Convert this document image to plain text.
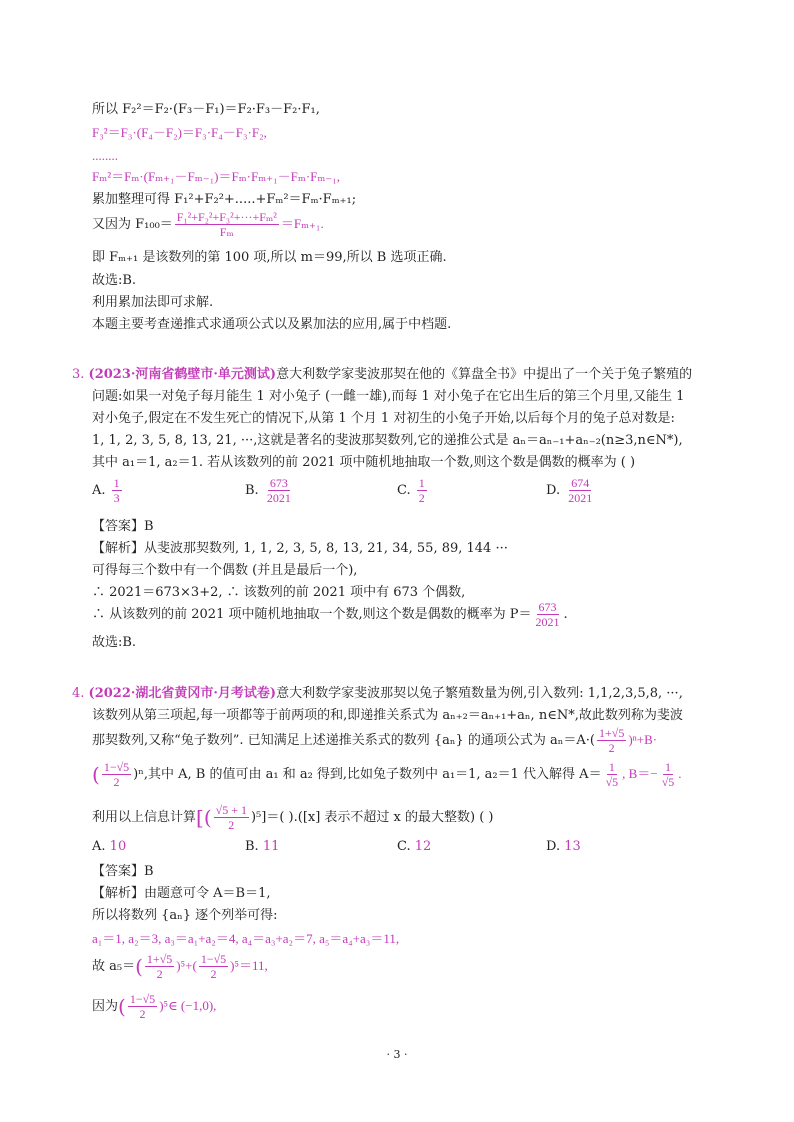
所以 F₂²＝F₂·(F₃－F₁)＝F₂·F₃－F₂·F₁,
F₃²＝F₃·(F₄－F₂)＝F₃·F₄－F₃·F₂,
........
Fₘ²＝Fₘ·(Fₘ₊₁－Fₘ₋₁)＝Fₘ·Fₘ₊₁－Fₘ·Fₘ₋₁,
累加整理可得 F₁²+F₂²+.....+Fₘ²＝Fₘ·Fₘ₊₁;
又因为 $F_{100}= \frac{\text{F₁²+F₂²+F₃²+···+Fₘ²}}{\text{Fₘ}} =F_{m+1}$.
即 Fₘ₊₁ 是该数列的第 100 项,所以 m＝99,所以 B 选项正确.
故选:B.
利用累加法即可求解.
本题主要考查递推式求通项公式以及累加法的应用,属于中档题.
3. (2023·河南省鹤壁市·单元测试)意大利数学家斐波那契在他的《算盘全书》中提出了一个关于兔子繁殖的
问题:如果一对兔子每月能生 1 对小兔子 (一雌一雄),而每 1 对小兔子在它出生后的第三个月里,又能生 1
对小兔子,假定在不发生死亡的情况下,从第 1 个月 1 对初生的小兔子开始,以后每个月的兔子总对数是:
1, 1, 2, 3, 5, 8, 13, 21, ···,这就是著名的斐波那契数列,它的递推公式是 aₙ＝aₙ₋₁+aₙ₋₂(n≥3,n∈N*),
其中 a₁＝1, a₂＝1. 若从该数列的前 2021 项中随机地抽取一个数,则这个数是偶数的概率为 ( )
A. $\frac{1}{3}$	B. $\frac{673}{2021}$	C. $\frac{1}{2}$	D. $\frac{674}{2021}$
【答案】B
【解析】从斐波那契数列, 1, 1, 2, 3, 5, 8, 13, 21, 34, 55, 89, 144 ···
可得每三个数中有一个偶数 (并且是最后一个),
∴ 2021＝673×3+2, ∴ 该数列的前 2021 项中有 673 个偶数,
∴ 从该数列的前 2021 项中随机地抽取一个数,则这个数是偶数的概率为 $P= \frac{673}{2021}$ .
故选:B.
4. (2022·湖北省黄冈市·月考试卷)意大利数学家斐波那契以兔子繁殖数量为例,引入数列: 1,1,2,3,5,8, ···,
该数列从第三项起,每一项都等于前两项的和,即递推关系式为 aₙ₊₂＝aₙ₊₁+aₙ, n∈N*,故此数列称为斐波
那契数列,又称“兔子数列”. 已知满足上述递推关系式的数列 {aₙ} 的通项公式为 $a_n=A\cdot( \frac{1+√5}{2} )^n+B\cdot$
( $\frac{1-√5}{2} )^n$,其中 A, B 的值可由 a₁ 和 a₂ 得到,比如兔子数列中 a₁＝1, a₂＝1 代入解得 $A= \frac{1}{√5}$ , $B=- \frac{1}{√5}$ .
利用以上信息计算[( $\frac{√5 + 1}{2} )^5]=$( ).([x] 表示不超过 x 的最大整数) ( )
A. 10	B. 11	C. 12	D. 13
【答案】B
【解析】由题意可令 A＝B＝1,
所以将数列 {aₙ} 逐个列举可得:
a₁＝1, a₂＝3, a₃＝a₁+a₂＝4, a₄＝a₃+a₂＝7, a₅＝a₄+a₃＝11,
故 $a_5=( \frac{1+√5}{2} )^5+( \frac{1-√5}{2} )^5=11$,
因为( $\frac{1-√5}{2}$ )⁵∈ (−1,0),
· 3 ·
